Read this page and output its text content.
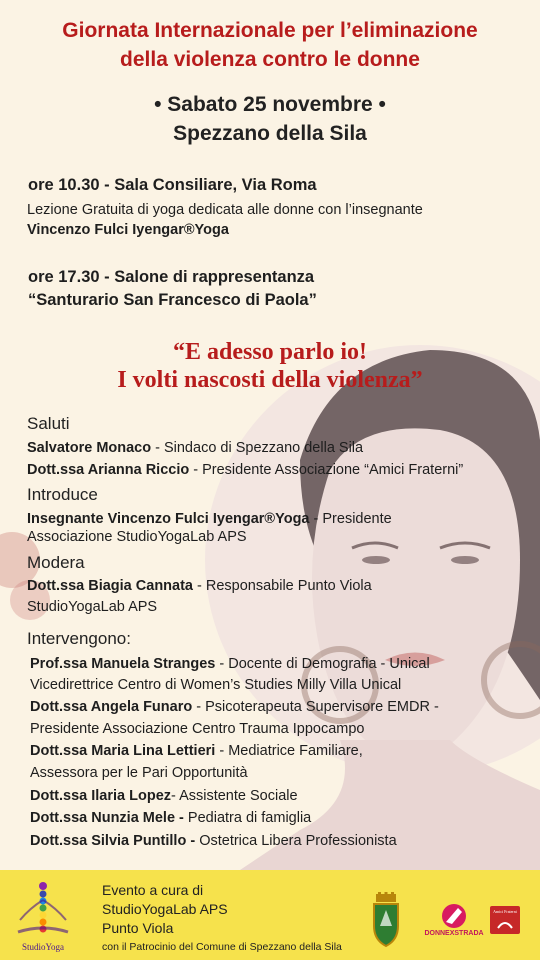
Giornata Internazionale per l’eliminazione
della violenza contro le donne
• Sabato 25 novembre •
Spezzano della Sila
ore 10.30 - Sala Consiliare, Via Roma
Lezione Gratuita di yoga dedicata alle donne con l’insegnante
Vincenzo Fulci Iyengar®Yoga
ore 17.30 - Salone di rappresentanza
“Santurario San Francesco di Paola”
“E adesso parlo io!
I volti nascosti della violenza”
Saluti
Salvatore Monaco - Sindaco di Spezzano della Sila
Dott.ssa Arianna Riccio - Presidente Associazione “Amici Fraterni”
Introduce
Insegnante Vincenzo Fulci Iyengar®Yoga - Presidente
Associazione StudioYogaLab APS
Modera
Dott.ssa Biagia Cannata - Responsabile Punto Viola
StudioYogaLab APS
Intervengono:
Prof.ssa Manuela Stranges - Docente di Demografia - Unical
Vicedirettrice Centro di Women’s Studies Milly Villa Unical
Dott.ssa Angela Funaro - Psicoterapeuta Supervisore EMDR -
Presidente Associazione Centro Trauma Ippocampo
Dott.ssa Maria Lina Lettieri - Mediatrice Familiare,
Assessora per le Pari Opportunità
Dott.ssa Ilaria Lopez- Assistente Sociale
Dott.ssa Nunzia Mele - Pediatra di famiglia
Dott.ssa Silvia Puntillo - Ostetrica Libera Professionista
StudioYoga
Evento a cura di
StudioYogaLab APS
Punto Viola
con il Patrocinio del Comune di Spezzano della Sila
DONNEXSTRADA
Amici Fraterni
